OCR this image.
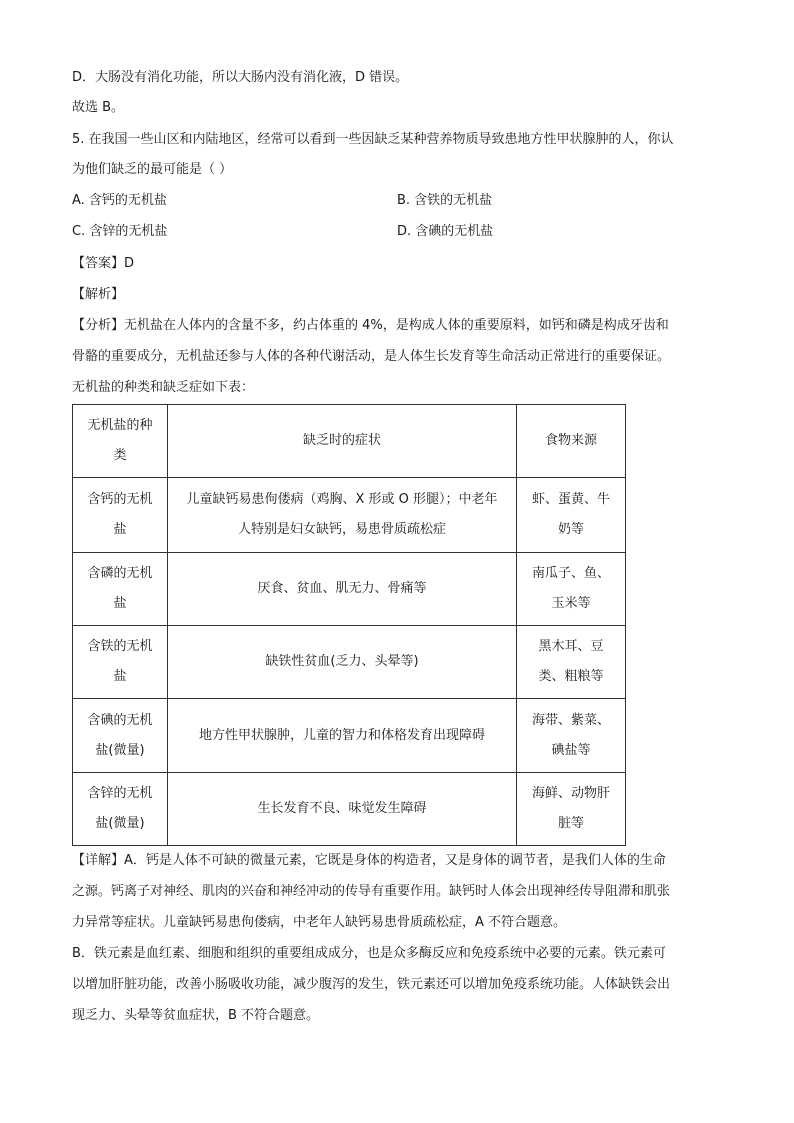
D．大肠没有消化功能，所以大肠内没有消化液，D 错误。
故选 B。
5. 在我国一些山区和内陆地区，经常可以看到一些因缺乏某种营养物质导致患地方性甲状腺肿的人，你认
为他们缺乏的最可能是（ ）
A. 含钙的无机盐	B. 含铁的无机盐
C. 含锌的无机盐	D. 含碘的无机盐
【答案】D
【解析】
【分析】无机盐在人体内的含量不多，约占体重的 4%，是构成人体的重要原料，如钙和磷是构成牙齿和
骨骼的重要成分，无机盐还参与人体的各种代谢活动，是人体生长发育等生命活动正常进行的重要保证。
无机盐的种类和缺乏症如下表：
无机盐的种
类	缺乏时的症状	食物来源

含钙的无机
盐	儿童缺钙易患佝偻病（鸡胸、X 形或 O 形腿）；中老年
人特别是妇女缺钙，易患骨质疏松症	虾、蛋黄、牛
奶等

含磷的无机
盐	厌食、贫血、肌无力、骨痛等	南瓜子、鱼、
玉米等

含铁的无机
盐	缺铁性贫血(乏力、头晕等)	黑木耳、豆
类、粗粮等

含碘的无机
盐(微量)	地方性甲状腺肿，儿童的智力和体格发育出现障碍	海带、紫菜、
碘盐等

含锌的无机
盐(微量)	生长发育不良、味觉发生障碍	海鲜、动物肝
脏等
【详解】A．钙是人体不可缺的微量元素，它既是身体的构造者，又是身体的调节者，是我们人体的生命
之源。钙离子对神经、肌肉的兴奋和神经冲动的传导有重要作用。缺钙时人体会出现神经传导阻滞和肌张
力异常等症状。儿童缺钙易患佝偻病，中老年人缺钙易患骨质疏松症，A 不符合题意。
B．铁元素是血红素、细胞和组织的重要组成成分，也是众多酶反应和免疫系统中必要的元素。铁元素可
以增加肝脏功能，改善小肠吸收功能，减少腹泻的发生，铁元素还可以增加免疫系统功能。人体缺铁会出
现乏力、头晕等贫血症状，B 不符合题意。
